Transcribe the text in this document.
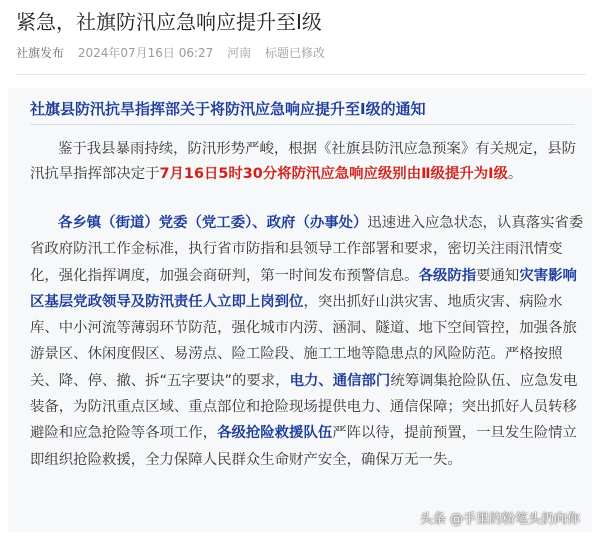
紧急，社旗防汛应急响应提升至Ⅰ级
社旗发布 2024年07月16日 06:27 河南 标题已修改
社旗县防汛抗旱指挥部关于将防汛应急响应提升至Ⅰ级的通知

鉴于我县暴雨持续，防汛形势严峻，根据《社旗县防汛应急预案》有关规定，县防汛抗旱指挥部决定于7月16日5时30分将防汛应急响应级别由Ⅱ级提升为Ⅰ级。

各乡镇（街道）党委（党工委）、政府（办事处）迅速进入应急状态，认真落实省委省政府防汛工作金标准，执行省市防指和县领导工作部署和要求，密切关注雨汛情变化，强化指挥调度，加强会商研判，第一时间发布预警信息。各级防指要通知灾害影响区基层党政领导及防汛责任人立即上岗到位，突出抓好山洪灾害、地质灾害、病险水库、中小河流等薄弱环节防范，强化城市内涝、涵洞、隧道、地下空间管控，加强各旅游景区、休闲度假区、易涝点、险工险段、施工工地等隐患点的风险防范。严格按照关、降、停、撤、拆“五字要诀”的要求，电力、通信部门统筹调集抢险队伍、应急发电装备，为防汛重点区域、重点部位和抢险现场提供电力、通信保障；突出抓好人员转移避险和应急抢险等各项工作，各级抢险救援队伍严阵以待，提前预置，一旦发生险情立即组织抢险救援，全力保障人民群众生命财产安全，确保万无一失。

头条 @手里的粉笔头扔向你
